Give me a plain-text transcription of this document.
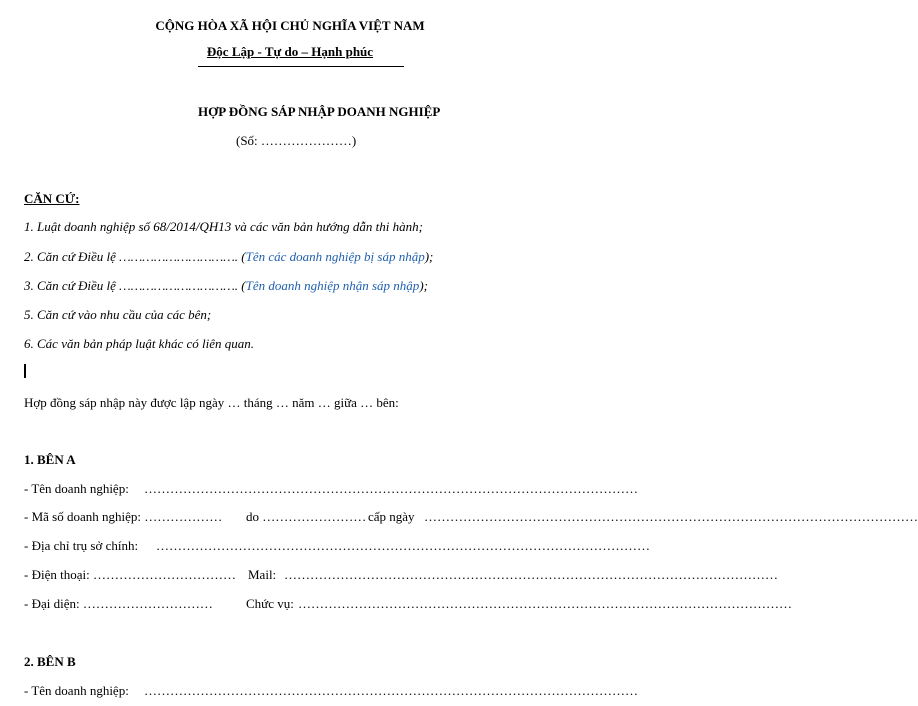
CỘNG HÒA XÃ HỘI CHỦ NGHĨA VIỆT NAM
Độc Lập - Tự do – Hạnh phúc
HỢP ĐỒNG SÁP NHẬP DOANH NGHIỆP
(Số: …………………)
CĂN CỨ:
1. Luật doanh nghiệp số 68/2014/QH13 và các văn bản hướng dẫn thi hành;
2. Căn cứ Điều lệ …………………………. (Tên các doanh nghiệp bị sáp nhập);
3. Căn cứ Điều lệ …………………………. (Tên doanh nghiệp nhận sáp nhập);
5. Căn cứ vào nhu cầu của các bên;
6. Các văn bản pháp luật khác có liên quan.
Hợp đồng sáp nhập này được lập ngày … tháng … năm … giữa … bên:
1. BÊN A
- Tên doanh nghiệp: ……………………………………………………………………………………………………
- Mã số doanh nghiệp: ……………… do …………………… cấp ngày ……………………………………………………………………………………………………
- Địa chỉ trụ sở chính: ……………………………………………………………………………………………………
- Điện thoại: …………………………… Mail: ……………………………………………………………………………………………………
- Đại diện: …………………………	Chức vụ: ……………………………………………………………………………………………………
2. BÊN B
- Tên doanh nghiệp: ……………………………………………………………………………………………………
